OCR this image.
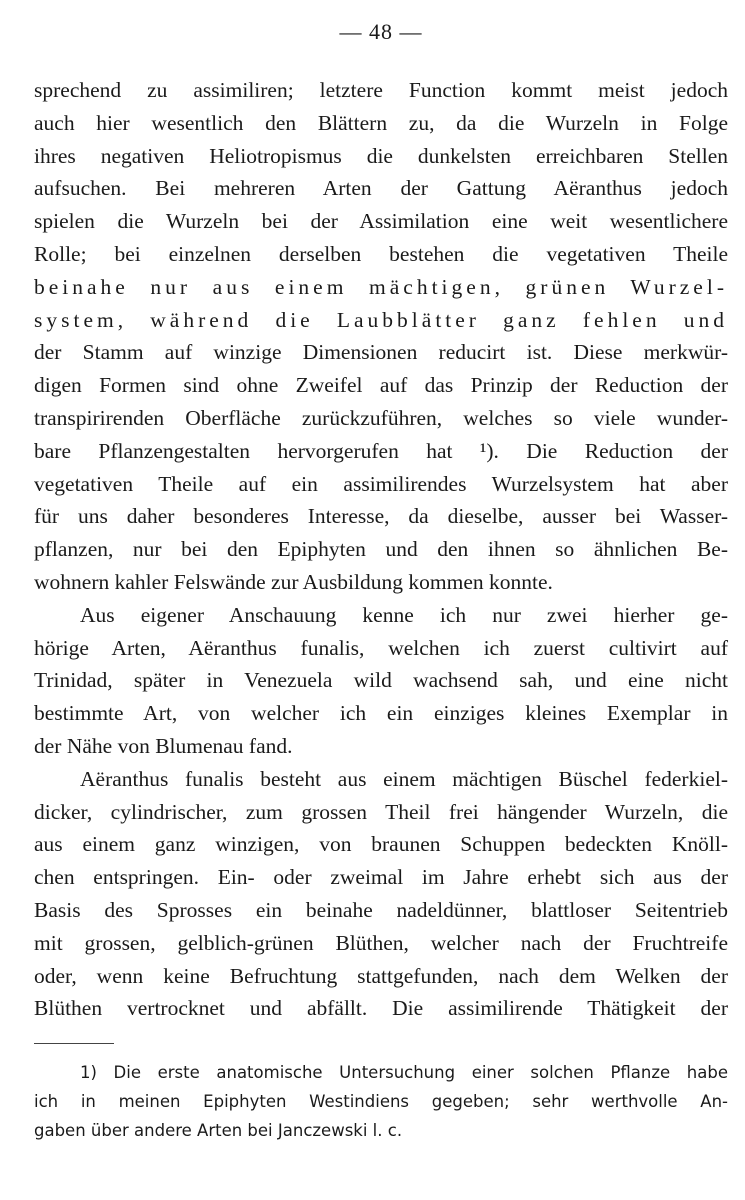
— 48 —
sprechend zu assimiliren; letztere Function kommt meist jedoch
auch hier wesentlich den Blättern zu, da die Wurzeln in Folge
ihres negativen Heliotropismus die dunkelsten erreichbaren Stellen
aufsuchen. Bei mehreren Arten der Gattung Aëranthus jedoch
spielen die Wurzeln bei der Assimilation eine weit wesentlichere
Rolle; bei einzelnen derselben bestehen die vegetativen Theile
beinahe nur aus einem mächtigen, grünen Wurzel-
system, während die Laubblätter ganz fehlen und
der Stamm auf winzige Dimensionen reducirt ist. Diese merkwür-
digen Formen sind ohne Zweifel auf das Prinzip der Reduction der
transpirirenden Oberfläche zurückzuführen, welches so viele wunder-
bare Pflanzengestalten hervorgerufen hat ¹). Die Reduction der
vegetativen Theile auf ein assimilirendes Wurzelsystem hat aber
für uns daher besonderes Interesse, da dieselbe, ausser bei Wasser-
pflanzen, nur bei den Epiphyten und den ihnen so ähnlichen Be-
wohnern kahler Felswände zur Ausbildung kommen konnte.
Aus eigener Anschauung kenne ich nur zwei hierher ge-
hörige Arten, Aëranthus funalis, welchen ich zuerst cultivirt auf
Trinidad, später in Venezuela wild wachsend sah, und eine nicht
bestimmte Art, von welcher ich ein einziges kleines Exemplar in
der Nähe von Blumenau fand.
Aëranthus funalis besteht aus einem mächtigen Büschel federkiel-
dicker, cylindrischer, zum grossen Theil frei hängender Wurzeln, die
aus einem ganz winzigen, von braunen Schuppen bedeckten Knöll-
chen entspringen. Ein- oder zweimal im Jahre erhebt sich aus der
Basis des Sprosses ein beinahe nadeldünner, blattloser Seitentrieb
mit grossen, gelblich-grünen Blüthen, welcher nach der Fruchtreife
oder, wenn keine Befruchtung stattgefunden, nach dem Welken der
Blüthen vertrocknet und abfällt. Die assimilirende Thätigkeit der
1) Die erste anatomische Untersuchung einer solchen Pflanze habe
ich in meinen Epiphyten Westindiens gegeben; sehr werthvolle An-
gaben über andere Arten bei Janczewski l. c.
